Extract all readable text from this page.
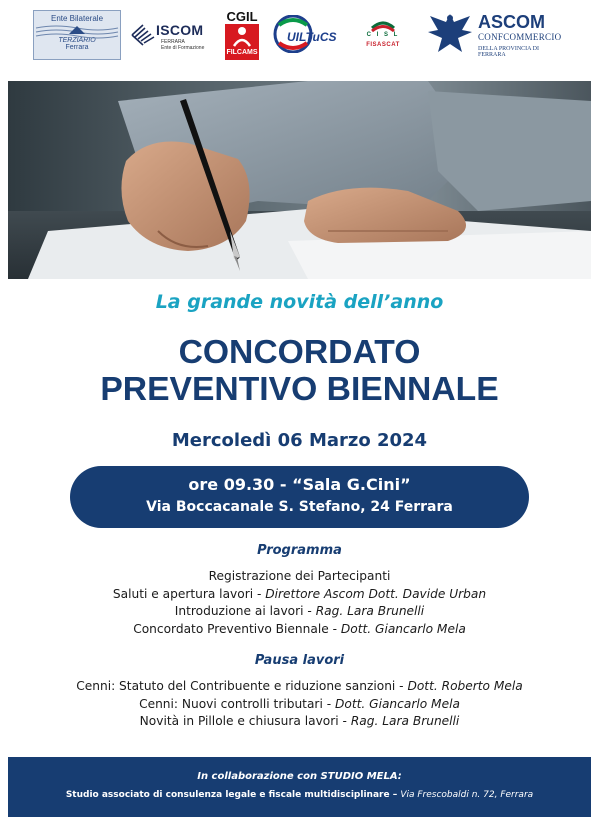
Ente Bilaterale
TERZIARIO
Ferrara
ISCOM
FERRARA
Ente di Formazione
CGIL
FILCAMS
UILTuCS	C I S L
FISASCAT
ASCOM
CONFCOMMERCIO
DELLA PROVINCIA DI FERRARA
La grande novità dell’anno
CONCORDATO
PREVENTIVO BIENNALE
Mercoledì 06 Marzo 2024
ore 09.30 - “Sala G.Cini”
Via Boccacanale S. Stefano, 24 Ferrara
Programma
Registrazione dei Partecipanti
Saluti e apertura lavori - Direttore Ascom Dott. Davide Urban
Introduzione ai lavori - Rag. Lara Brunelli
Concordato Preventivo Biennale - Dott. Giancarlo Mela
Pausa lavori
Cenni: Statuto del Contribuente e riduzione sanzioni - Dott. Roberto Mela
Cenni: Nuovi controlli tributari - Dott. Giancarlo Mela
Novità in Pillole e chiusura lavori - Rag. Lara Brunelli
In collaborazione con STUDIO MELA:
Studio associato di consulenza legale e fiscale multidisciplinare – Via Frescobaldi n. 72, Ferrara
